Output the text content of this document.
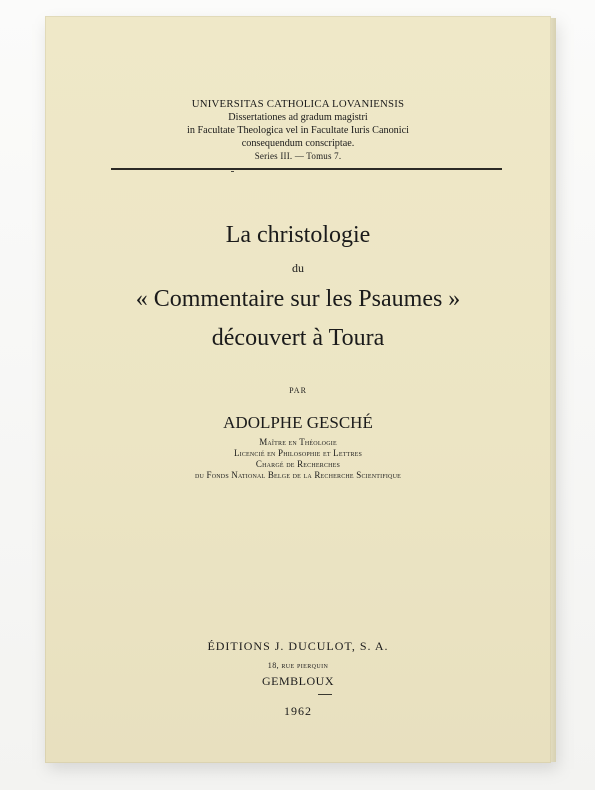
UNIVERSITAS CATHOLICA LOVANIENSIS
Dissertationes ad gradum magistri
in Facultate Theologica vel in Facultate Iuris Canonici
consequendum conscriptae.
Series III. — Tomus 7.
La christologie
du
« Commentaire sur les Psaumes »
découvert à Toura
PAR
ADOLPHE GESCHÉ
Maître en Théologie
Licencié en Philosophie et Lettres
Chargé de Recherches
du Fonds National Belge de la Recherche Scientifique
ÉDITIONS J. DUCULOT, S. A.
18, rue pierquin
GEMBLOUX
1962
